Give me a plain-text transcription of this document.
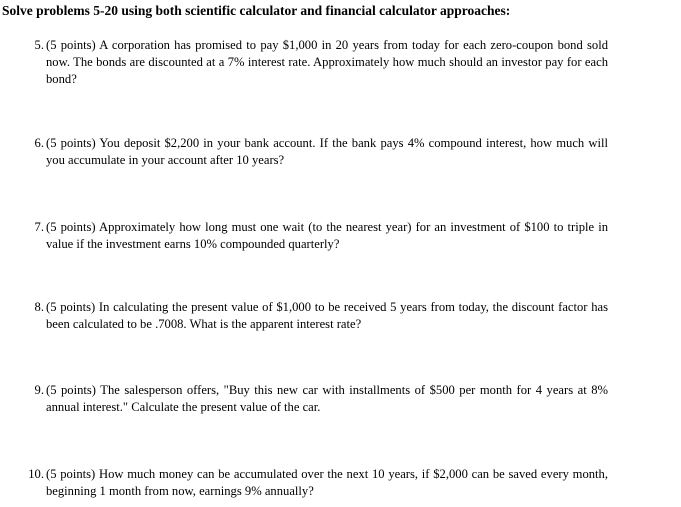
Solve problems 5-20 using both scientific calculator and financial calculator approaches:
5. (5 points) A corporation has promised to pay $1,000 in 20 years from today for each zero-coupon bond sold now. The bonds are discounted at a 7% interest rate. Approximately how much should an investor pay for each bond?
6. (5 points) You deposit $2,200 in your bank account. If the bank pays 4% compound interest, how much will you accumulate in your account after 10 years?
7. (5 points) Approximately how long must one wait (to the nearest year) for an investment of $100 to triple in value if the investment earns 10% compounded quarterly?
8. (5 points) In calculating the present value of $1,000 to be received 5 years from today, the discount factor has been calculated to be .7008. What is the apparent interest rate?
9. (5 points) The salesperson offers, "Buy this new car with installments of $500 per month for 4 years at 8% annual interest." Calculate the present value of the car.
10. (5 points) How much money can be accumulated over the next 10 years, if $2,000 can be saved every month, beginning 1 month from now, earnings 9% annually?
